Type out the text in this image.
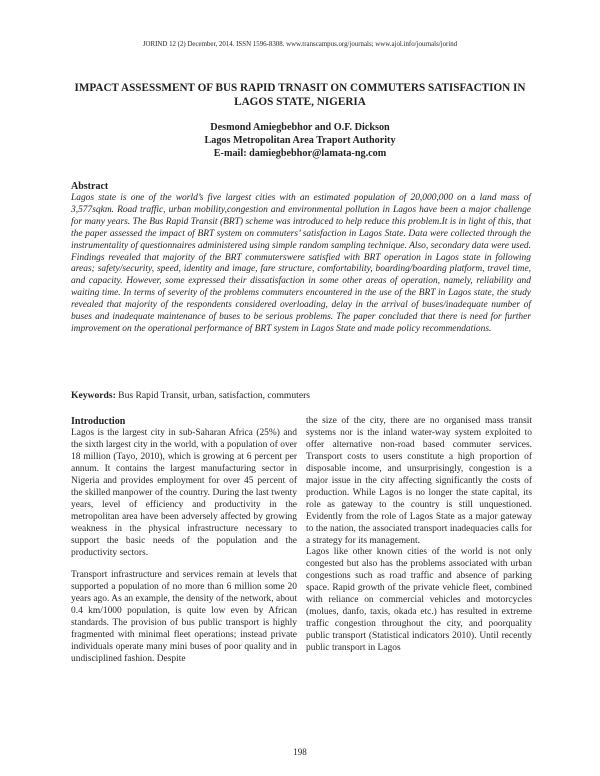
JORIND 12 (2) December, 2014. ISSN 1596-8308. www.transcampus.org/journals; www.ajol.info/journals/jorind
IMPACT ASSESSMENT OF BUS RAPID TRNASIT ON COMMUTERS SATISFACTION IN LAGOS STATE, NIGERIA
Desmond Amiegbebhor and O.F. Dickson
Lagos Metropolitan Area Traport Authority
E-mail: damiegbebhor@lamata-ng.com
Abstract
Lagos state is one of the world’s five largest cities with an estimated population of 20,000,000 on a land mass of 3,577sqkm. Road traffic, urban mobility,congestion and environmental pollution in Lagos have been a major challenge for many years. The Bus Rapid Transit (BRT) scheme was introduced to help reduce this problem.It is in light of this, that the paper assessed the impact of BRT system on commuters’ satisfaction in Lagos State. Data were collected through the instrumentality of questionnaires administered using simple random sampling technique. Also, secondary data were used. Findings revealed that majority of the BRT commuterswere satisfied with BRT operation in Lagos state in following areas; safety/security, speed, identity and image, fare structure, comfortability, boarding/boarding platform, travel time, and capacity. However, some expressed their dissatisfaction in some other areas of operation, namely, reliability and waiting time. In terms of severity of the problems commuters encountered in the use of the BRT in Lagos state, the study revealed that majority of the respondents considered overloading, delay in the arrival of buses/inadequate number of buses and inadequate maintenance of buses to be serious problems. The paper concluded that there is need for further improvement on the operational performance of BRT system in Lagos State and made policy recommendations.
Keywords: Bus Rapid Transit, urban, satisfaction, commuters
Introduction

Lagos is the largest city in sub-Saharan Africa (25%) and the sixth largest city in the world, with a population of over 18 million (Tayo, 2010), which is growing at 6 percent per annum. It contains the largest manufacturing sector in Nigeria and provides employment for over 45 percent of the skilled manpower of the country. During the last twenty years, level of efficiency and productivity in the metropolitan area have been adversely affected by growing weakness in the physical infrastructure necessary to support the basic needs of the population and the productivity sectors.

Transport infrastructure and services remain at levels that supported a population of no more than 6 million some 20 years ago. As an example, the density of the network, about 0.4 km/1000 population, is quite low even by African standards. The provision of bus public transport is highly fragmented with minimal fleet operations; instead private individuals operate many mini buses of poor quality and in undisciplined fashion. Despite

the size of the city, there are no organised mass transit systems nor is the inland water-way system exploited to offer alternative non-road based commuter services. Transport costs to users constitute a high proportion of disposable income, and unsurprisingly, congestion is a major issue in the city affecting significantly the costs of production. While Lagos is no longer the state capital, its role as gateway to the country is still unquestioned. Evidently from the role of Lagos State as a major gateway to the nation, the associated transport inadequacies calls for a strategy for its management.

Lagos like other known cities of the world is not only congested but also has the problems associated with urban congestions such as road traffic and absence of parking space. Rapid growth of the private vehicle fleet, combined with reliance on commercial vehicles and motorcycles (molues, danfo, taxis, okada etc.) has resulted in extreme traffic congestion throughout the city, and poorquality public transport (Statistical indicators 2010). Until recently public transport in Lagos

198
